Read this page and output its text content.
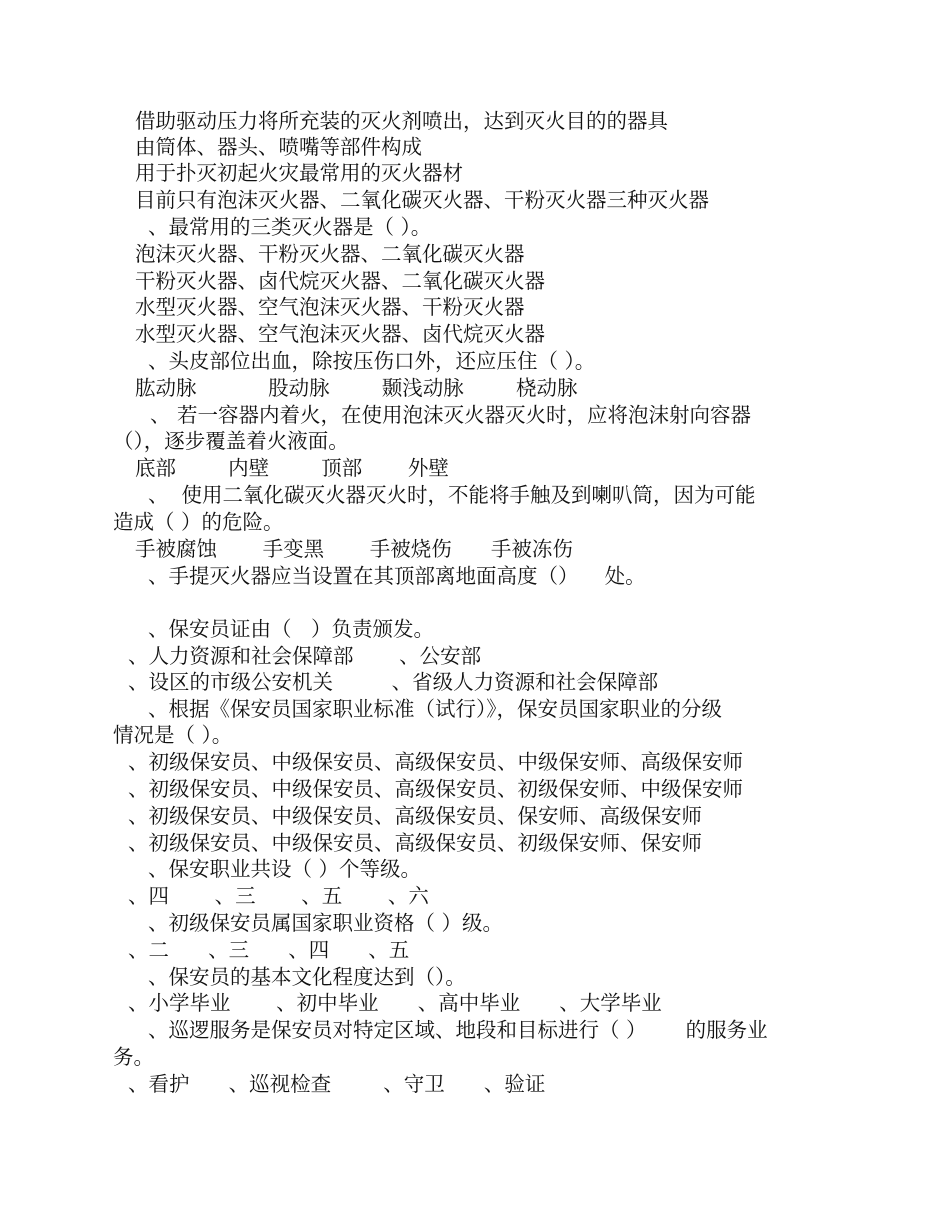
借助驱动压力将所充装的灭火剂喷出，达到灭火目的的器具
由筒体、器头、喷嘴等部件构成
用于扑灭初起火灾最常用的灭火器材
目前只有泡沫灭火器、二氧化碳灭火器、干粉灭火器三种灭火器
、最常用的三类灭火器是（ ）。
泡沫灭火器、干粉灭火器、二氧化碳灭火器
干粉灭火器、卤代烷灭火器、二氧化碳灭火器
水型灭火器、空气泡沫灭火器、干粉灭火器
水型灭火器、空气泡沫灭火器、卤代烷灭火器
、头皮部位出血，除按压伤口外，还应压住（ ）。
肱动脉           股动脉        颞浅动脉        桡动脉
、 若一容器内着火，在使用泡沫灭火器灭火时，应将泡沫射向容器
（），逐步覆盖着火液面。
底部        内壁        顶部       外壁
、  使用二氧化碳灭火器灭火时，不能将手触及到喇叭筒，因为可能
造成（ ）的危险。
手被腐蚀       手变黑       手被烧伤      手被冻伤
、手提灭火器应当设置在其顶部离地面高度（）    处。
、保安员证由（   ）负责颁发。
、人力资源和社会保障部       、公安部
、设区的市级公安机关         、省级人力资源和社会保障部
、根据《保安员国家职业标准（试行）》，保安员国家职业的分级
情况是（ ）。
、初级保安员、中级保安员、高级保安员、中级保安师、高级保安师
、初级保安员、中级保安员、高级保安员、初级保安师、中级保安师
、初级保安员、中级保安员、高级保安员、保安师、高级保安师
、初级保安员、中级保安员、高级保安员、初级保安师、保安师
、保安职业共设（ ）个等级。
、四       、三       、五       、六
、初级保安员属国家职业资格（ ）级。
、二      、三      、四      、五
、保安员的基本文化程度达到（）。
、小学毕业       、初中毕业      、高中毕业      、大学毕业
、巡逻服务是保安员对特定区域、地段和目标进行（ ）      的服务业
务。
、看护      、巡视检查        、守卫      、验证
